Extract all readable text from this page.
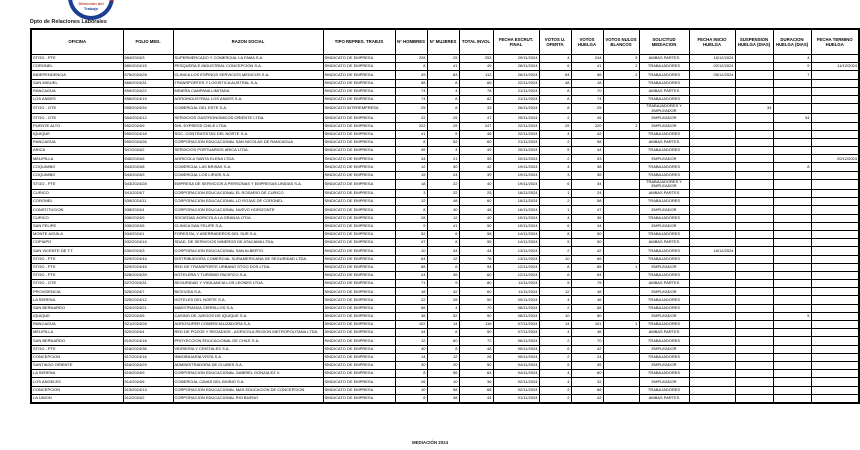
Dirección del
Trabajo
Dpto de Relaciones Laborales
OFICINA	FOLIO MED.	RAZON SOCIAL	TIPO REPRES. TRABJS	N° HOMBRES	N° MUJERES	TOTAL INVOL	FECHA ESCRUT. FINAL	VOTOS U. OFERTA	VOTOS HUELGA	VOTOS NULOS BLANCOS	SOLICITUD MEDIACION	FECHA INICIO HUELGA	SUSPENSION HUELGA (DIAS)	DURACION HUELGA (DIAS)	FECHA TERMINO HUELGA
STGO - PTE	584/2024/3	SUPERMERCADO Y COMERCIAL LA FAMA S.A.	SINDICATO DE EMPRESA	228	25	253	29/11/2024	4	244	5	AMBAS PARTES	16/12/2024		4	
CORONEL	580/2024/15	PESQUERA E INDUSTRIAL CONCEPCION S.A.	SINDICATO DE EMPRESA	8	41	49	28/11/2024	6	41	2	TRABAJADORES	02/12/2024		9	11/12/2024
INDEPENDENCIA	576/2024/28	CLINICA LOS ESPINOS SERVICIOS MEDICOS S.A.	SINDICATO DE EMPRESA	29	83	112	26/11/2024	54	56	2	TRABAJADORES	05/12/2024		7	
SAN MIGUEL	566/2024/31	TRANSPORTES Y LOGISTICA AUSTRAL S.A.	SINDICATO DE EMPRESA	58	8	66	22/11/2024	48	18		TRABAJADORES				
RANCAGUA	559/2024/22	MINERA CAMPANA LIMITADA	SINDICATO DE EMPRESA	74	4	78	21/11/2024	8	70		AMBAS PARTES				
LOS ANDES	558/2024/19	AGROINDUSTRIAL LOS ANDES S.A.	SINDICATO DE EMPRESA	74	8	82	21/11/2024	8	74		TRABAJADORES				
STGO - OTE	555/2024/34	COMERCIAL DEL ESTE S.A.	SINDICATO INTEREMPRESA	25	8	33	26/11/2024	8	25		TRABAJADORES Y EMPLEADOR		34		
STGO - OTE	554/2024/12	SERVICIOS GASTRONOMICOS ORIENTE LTDA.	SINDICATO DE EMPRESA	22	25	47	25/11/2024	2	45		EMPLEADOR			34	
PUENTE ALTO	552/2024/9	DHL EXPRESS CHILE LTDA.	SINDICATO DE EMPRESA	222	25	247	22/11/2024	25	220	2	EMPLEADOR				
IQUIQUE	550/2024/18	SOC. CONTRATISTAS DEL NORTE S.A.	SINDICATO DE EMPRESA	41	5	46	22/11/2024	4	42		TRABAJADORES				
RANCAGUA	550/2024/26	CORPORACION EDUCACIONAL SAN NICOLAS DE RANCAGUA	SINDICATO DE EMPRESA	8	52	60	21/11/2024	2	58		AMBAS PARTES				
ARICA	547/2024/2	SERVICIOS PORTUARIOS ARICA LTDA.	SINDICATO DE EMPRESA	45	4	49	20/11/2024	5	44		TRABAJADORES				
MELIPILLA	546/2024/6	AGRICOLA SANTA ELENA LTDA.	SINDICATO DE EMPRESA	34	21	55	20/11/2024	2	53		EMPLEADOR				20/12/2024
COQUIMBO	544/2024/8	COMERCIAL LAS BRISAS S.A.	SINDICATO DE EMPRESA	12	30	42	19/11/2024	4	38		TRABAJADORES			8	
COQUIMBO	544/2024/9	COMERCIAL LOS LIRIOS S.A.	SINDICATO DE EMPRESA	15	24	39	19/11/2024	3	36		TRABAJADORES				
STGO - PTE	543/2024/28	EMPRESA DE SERVICIOS A PERSONAS Y EMPRESAS UNIDAS S.A.	SINDICATO DE EMPRESA	18	22	40	19/11/2024	6	34		TRABAJADORES Y EMPLEADOR				
CURICO	541/2024/7	CORPORACION EDUCACIONAL EL ROSARIO DE CURICO	SINDICATO DE EMPRESA	3	22	25	18/11/2024	1	24		AMBAS PARTES				
CORONEL	539/2024/11	CORPORACION EDUCACIONAL LO ROJAS DE CORONEL	SINDICATO DE EMPRESA	12	48	60	18/11/2024	2	58		TRABAJADORES				
CONSTITUCION	538/2024/4	CORPORACION EDUCACIONAL NUEVO HORIZONTE	SINDICATO DE EMPRESA	8	40	48	16/11/2024	1	47		EMPLEADOR				
CURICO	536/2024/9	SOCIEDAD AGRICOLA LA GRANJA LTDA.	SINDICATO DE EMPRESA	28	12	40	15/11/2024	4	36		TRABAJADORES				
SAN FELIPE	535/2024/5	CLINICA SAN FELIPE S.A.	SINDICATO DE EMPRESA	9	41	50	15/11/2024	6	44		EMPLEADOR				
MONTE AGUILA	534/2024/1	FORESTAL Y ASERRADEROS DEL SUR S.A.	SINDICATO DE EMPRESA	52	6	58	14/11/2024	8	50		TRABAJADORES				
COPIAPO	532/2024/14	SDAD. DE SERVICIOS MINEROS DE ATACAMA LTDA.	SINDICATO DE EMPRESA	47	8	55	14/11/2024	5	50		AMBAS PARTES				
SAN VICENTE DE T.T.	530/2024/3	CORPORACION EDUCACIONAL SAN ALBERTO	SINDICATO DE EMPRESA	10	34	44	13/11/2024	2	42		TRABAJADORES	16/12/2024			
STGO - PTE	529/2024/44	DISTRIBUIDORA COMERCIAL SURAMERICANA DE SEGURIDAD LTDA.	SINDICATO DE EMPRESA	64	12	76	13/11/2024	10	66		TRABAJADORES				
STGO - PTE	529/2024/45	RED DE TRANSPORTE URBANO STGO DOS LTDA.	SINDICATO DE EMPRESA	88	6	94	12/11/2024	8	85	1	EMPLEADOR				
STGO - PTE	528/2024/39	HOTELERA Y TURISMO PACIFICO S.A.	SINDICATO DE EMPRESA	24	36	60	12/11/2024	6	54		TRABAJADORES				
STGO - OTE	527/2024/31	SEGURIDAD Y VIGILANCIA LOS LEONES LTDA.	SINDICATO DE EMPRESA	71	9	80	11/11/2024	5	75		AMBAS PARTES				
PROVIDENCIA	526/2024/7	BICEVIDA S.A.	SINDICATO DE EMPRESA	18	42	60	11/11/2024	12	48		EMPLEADOR				
LA SERENA	525/2024/12	HOTELES DEL NORTE S.A.	SINDICATO DE EMPRESA	22	28	50	09/11/2024	4	46		TRABAJADORES				
SAN BERNARDO	524/2024/21	MAESTRANZA CERRILLOS S.A.	SINDICATO DE EMPRESA	66	4	70	08/11/2024	2	68		TRABAJADORES				
IQUIQUE	522/2024/5	CASINO DE JUEGOS DE IQUIQUE S.A.	SINDICATO DE EMPRESA	38	52	90	08/11/2024	10	80		EMPLEADOR			5	
RANCAGUA	521/2024/28	AGROSUPER COMERCIALIZADORA S.A.	SINDICATO DE EMPRESA	102	14	116	07/11/2024	14	101	1	TRABAJADORES				
MELIPILLA	520/2024/4	RED DE POZOS Y REGADIOS - AGRICOLA REGION METROPOLITANA LTDA.	SINDICATO DE EMPRESA	44	6	50	07/11/2024	4	46		AMBAS PARTES				
SAN BERNARDO	519/2024/18	PROYECCION EDUCACIONAL DE CHILE S.A.	SINDICATO DE EMPRESA	12	60	72	06/11/2024	2	70		TRABAJADORES				
STGO - PTE	518/2024/36	VIDRIERIA Y CRISTALES S.A.	SINDICATO DE EMPRESA	40	8	48	05/11/2024	6	42		EMPLEADOR				
CONCEPCION	517/2024/16	INMOBILIARIA VISTA S.A.	SINDICATO DE EMPRESA	14	12	26	05/11/2024	2	24		TRABAJADORES				
SANTIAGO ORIENTE	516/2024/29	ADMINISTRADORA DE CLUBES S.A.	SINDICATO DE EMPRESA	30	20	50	04/11/2024	5	45		EMPLEADOR				
LA SERENA	515/2024/9	CORPORACION EDUCACIONAL GABRIEL GONZALEZ V.	SINDICATO DE EMPRESA	8	56	64	04/11/2024	4	60		TRABAJADORES				
LOS ANGELES	514/2024/6	COMERCIAL CAVAS DEL BIOBIO S.A.	SINDICATO DE EMPRESA	26	10	36	02/11/2024	4	32		EMPLEADOR				
CONCEPCION	513/2024/13	CORPORACION EDUCACIONAL MAS EDUCACION DE CONCEPCION	SINDICATO DE EMPRESA	10	58	68	02/11/2024	2	66		TRABAJADORES				
LA UNION	512/2024/2	CORPORACION EDUCACIONAL RIO BUENO	SINDICATO DE EMPRESA	6	38	44	01/11/2024	2	42		AMBAS PARTES				
MEDIACIÓN 2024
